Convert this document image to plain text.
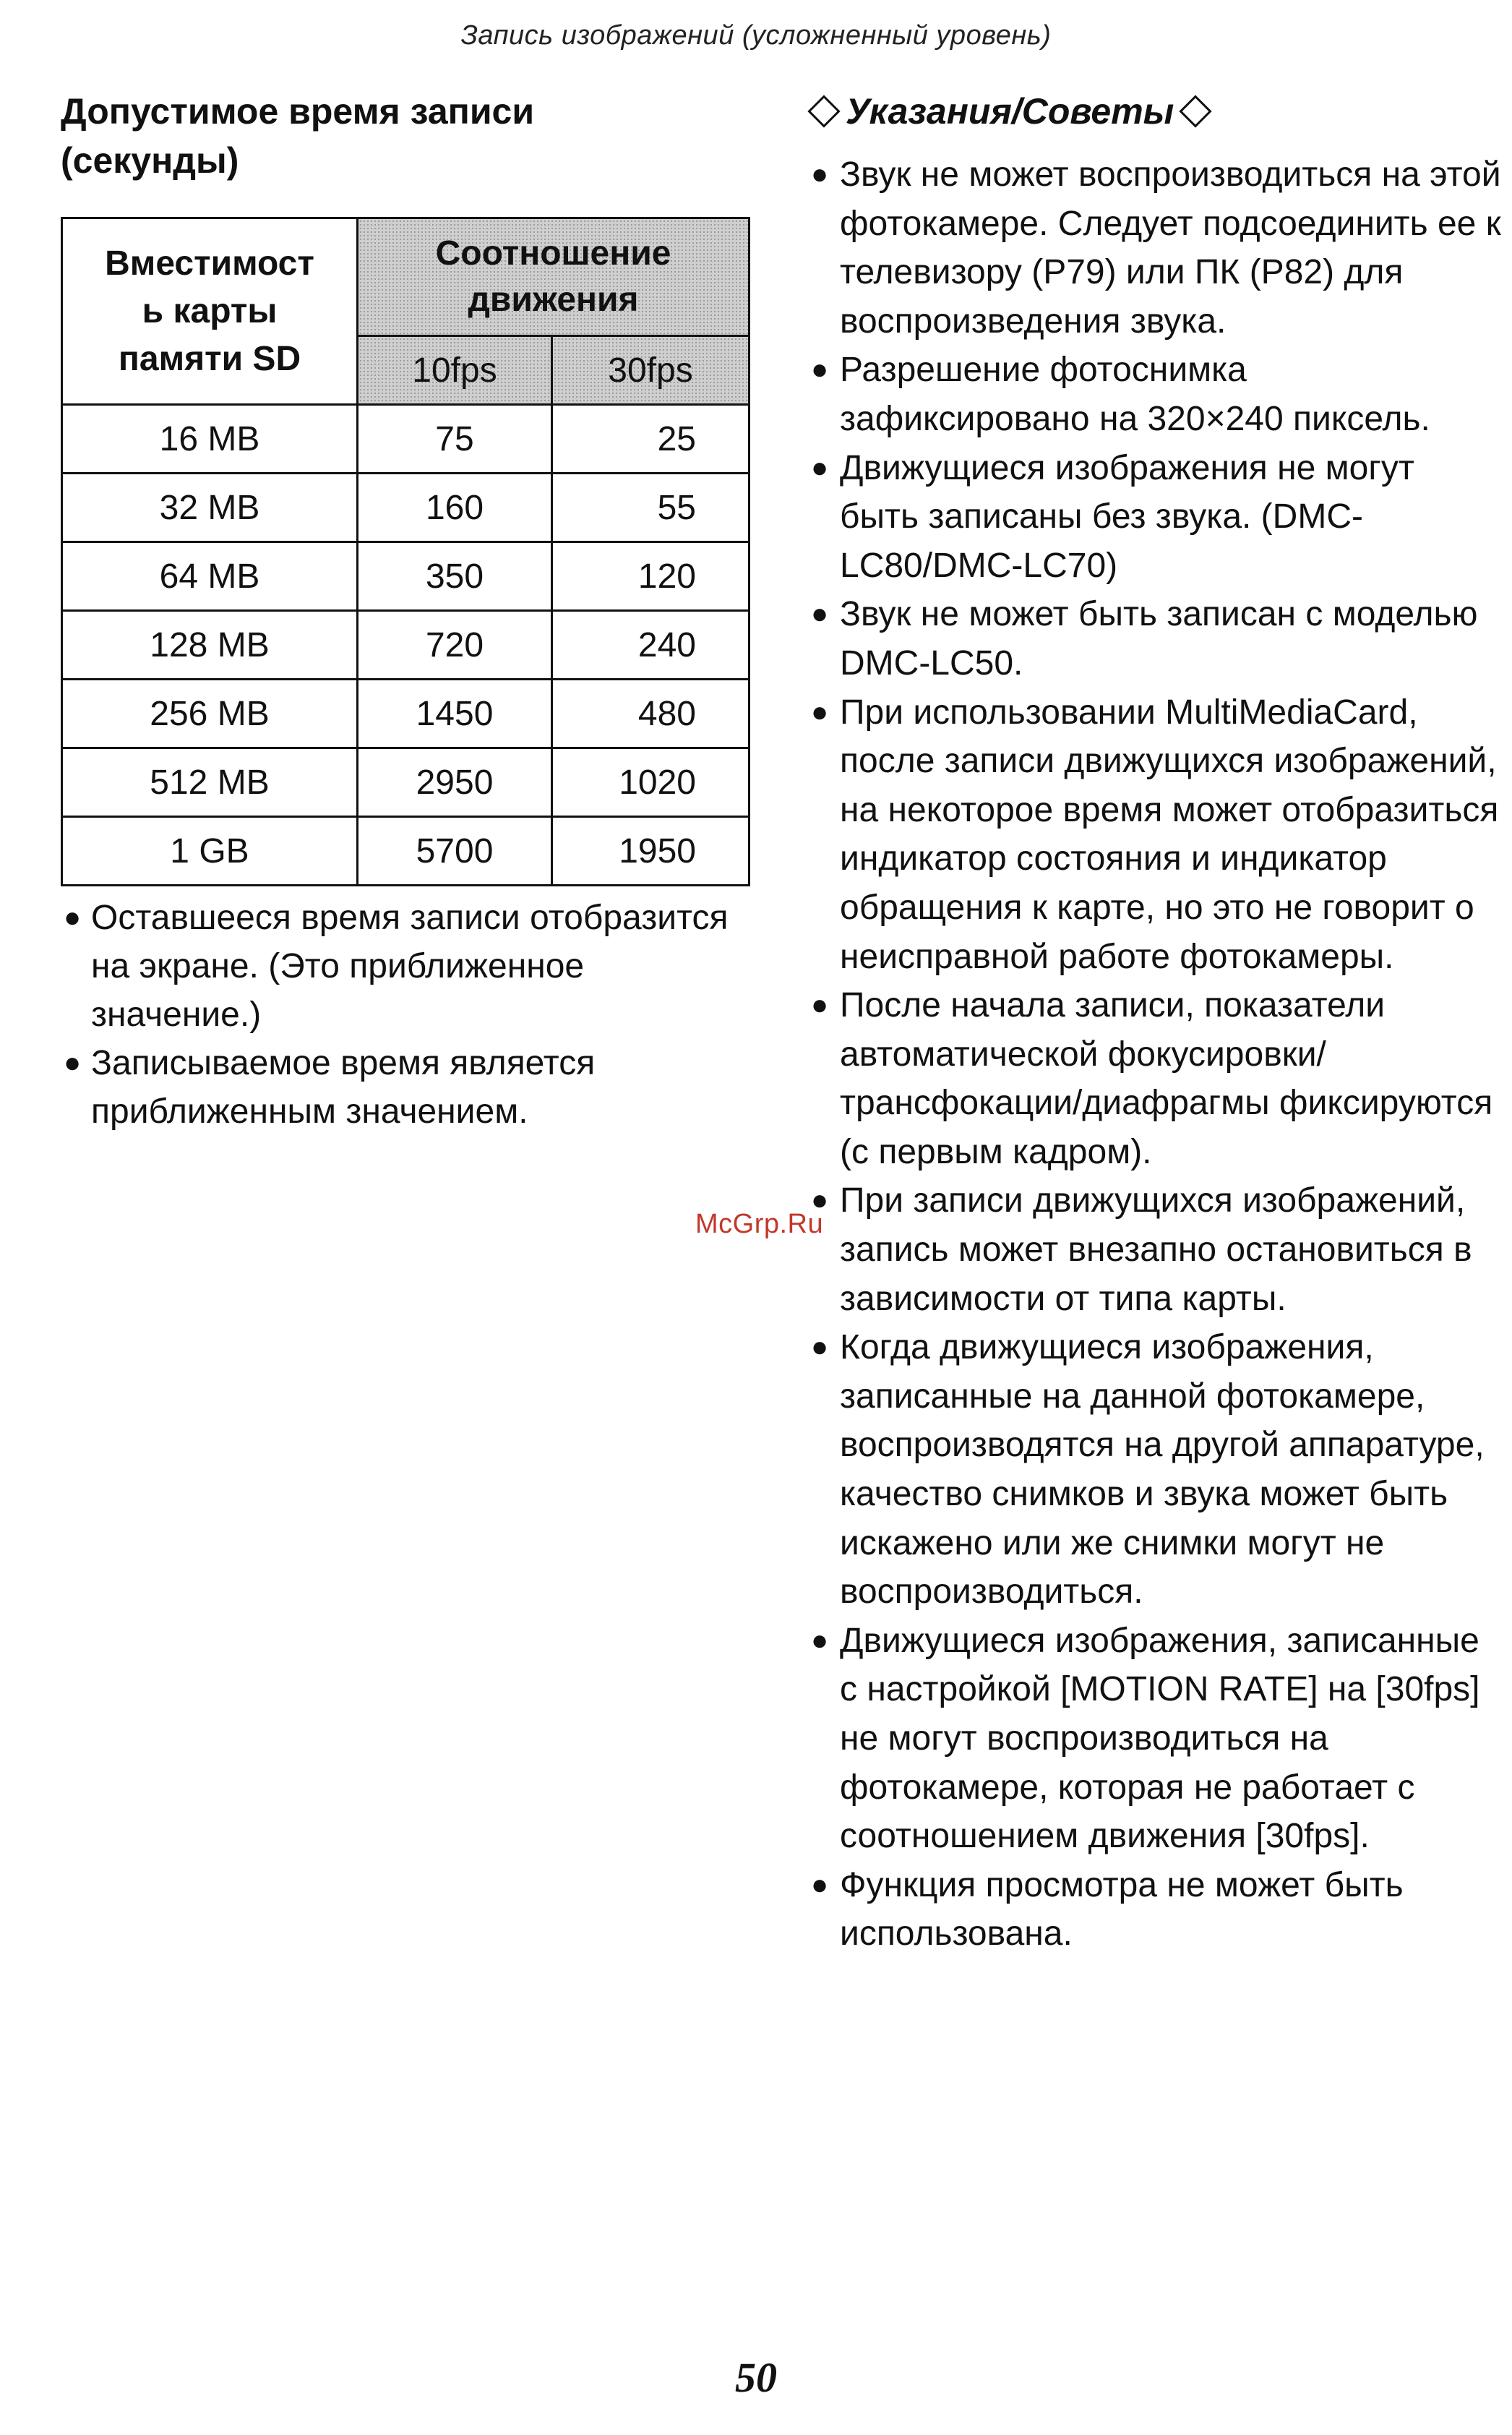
Запись изображений (усложненный уровень)
Допустимое время записи
(секунды)
Вместимост
ь карты
памяти SD	Соотношение
движения	
	10fps	30fps
16 MB	75	25
32 MB	160	55
64 MB	350	120
128 MB	720	240
256 MB	1450	480
512 MB	2950	1020
1 GB	5700	1950
● Оставшееся время записи отобразится на экране. (Это приближенное значение.)
● Записываемое время является приближенным значением.
Указания/Советы
● Звук не может воспроизводиться на этой фотокамере. Следует подсоединить ее к телевизору (P79) или ПК (P82) для воспроизведения звука.
● Разрешение фотоснимка зафиксировано на 320×240 пиксель.
● Движущиеся изображения не могут быть записаны без звука. (DMC-LC80/DMC-LC70)
● Звук не может быть записан с моделью DMC-LC50.
● При использовании MultiMediaCard, после записи движущихся изображений, на некоторое время может отобразиться индикатор состояния и индикатор обращения к карте, но это не говорит о неисправной работе фотокамеры.
● После начала записи, показатели автоматической фокусировки/ трансфокации/диафрагмы фиксируются (с первым кадром).
● При записи движущихся изображений, запись может внезапно остановиться в зависимости от типа карты.
● Когда движущиеся изображения, записанные на данной фотокамере, воспроизводятся на другой аппаратуре, качество снимков и звука может быть искажено или же снимки могут не воспроизводиться.
● Движущиеся изображения, записанные с настройкой [MOTION RATE] на [30fps] не могут воспроизводиться на фотокамере, которая не работает с соотношением движения [30fps].
● Функция просмотра не может быть использована.
McGrp.Ru
50
